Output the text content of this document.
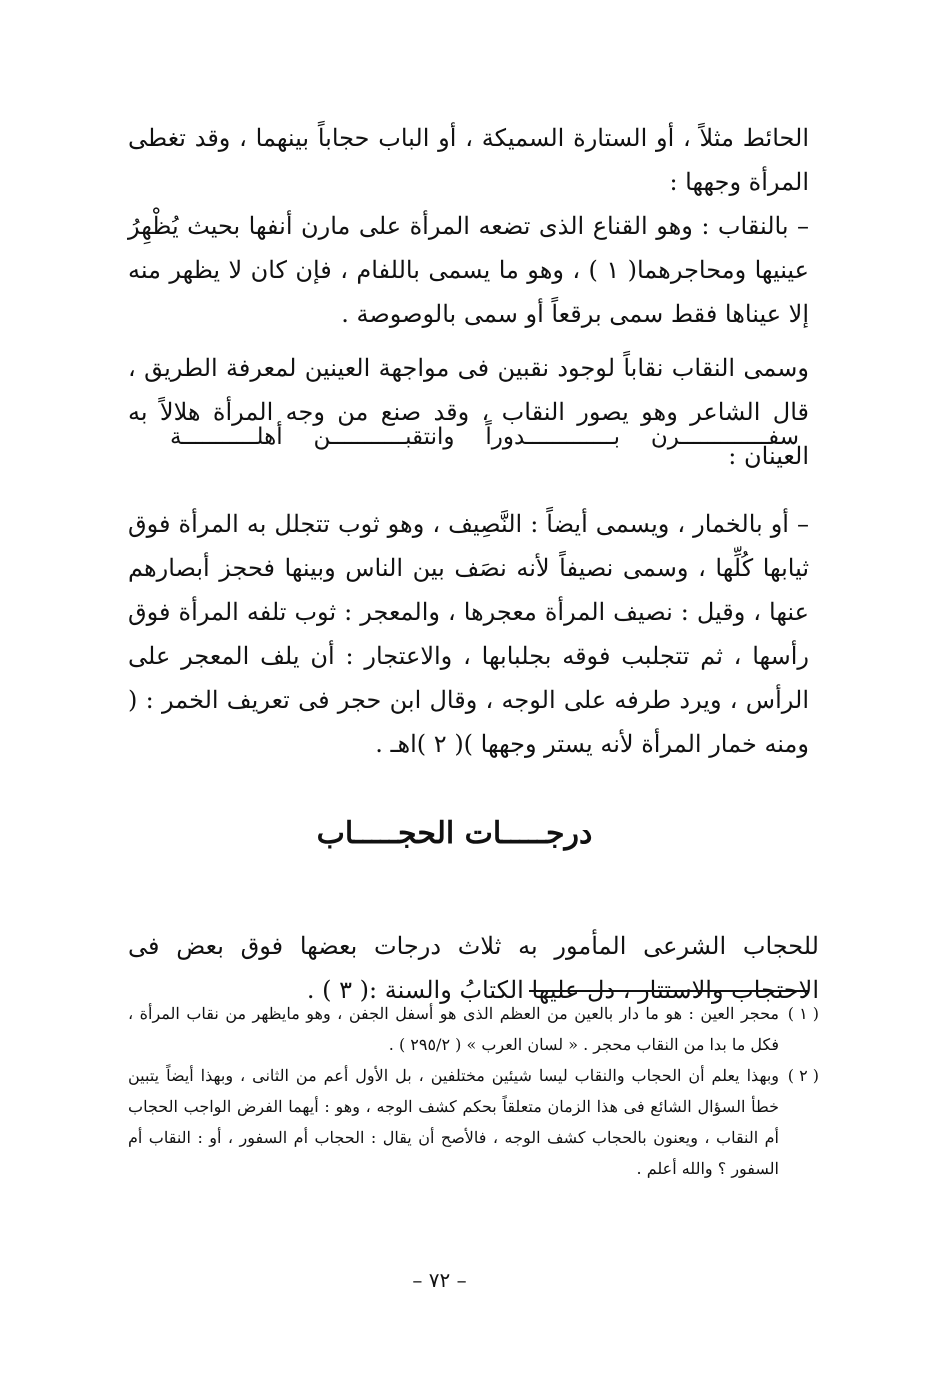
الحائط مثلاً ، أو الستارة السميكة ، أو الباب حجاباً بينهما ، وقد تغطى المرأة وجهها :

– بالنقاب : وهو القناع الذى تضعه المرأة على مارن أنفها بحيث يُظْهِرُ عينيها ومحاجرهما( ١ ) ، وهو ما يسمى باللفام ، فإن كان لا يظهر منه إلا عيناها فقط سمى برقعاً أو سمى بالوصوصة .

وسمى النقاب نقاباً لوجود نقبين فى مواجهة العينين لمعرفة الطريق ، قال الشاعر وهو يصور النقاب ، وقد صنع من وجه المرأة هلالاً به العينان :

سفـــــــــــــرن
بـــــــــــــدوراً
وانتقبـــــــــــن
أهلـــــــــــة

– أو بالخمار ، ويسمى أيضاً : النَّصِيف ، وهو ثوب تتجلل به المرأة فوق ثيابها كُلِّها ، وسمى نصيفاً لأنه نصَف بين الناس وبينها فحجز أبصارهم عنها ، وقيل : نصيف المرأة معجرها ، والمعجر : ثوب تلفه المرأة فوق رأسها ، ثم تتجلبب فوقه بجلبابها ، والاعتجار : أن يلف المعجر على الرأس ، ويرد طرفه على الوجه ، وقال ابن حجر فى تعريف الخمر : ( ومنه خمار المرأة لأنه يستر وجهها )( ٢ )اهـ .

درجـــــات الحجـــــاب

للحجاب الشرعى المأمور به ثلاث درجات بعضها فوق بعض فى الاحتجاب والاستتار ، دل عليها الكتابُ والسنة :( ٣ ) .

( ١ )
محجر العين : هو ما دار بالعين من العظم الذى هو أسفل الجفن ، وهو مايظهر من نقاب المرأة ، فكل ما بدا من النقاب محجر . « لسان العرب » ( ٢٩٥/٢ ) .
( ٢ )
وبهذا يعلم أن الحجاب والنقاب ليسا شيئين مختلفين ، بل الأول أعم من الثانى ، وبهذا أيضاً يتبين خطأ السؤال الشائع فى هذا الزمان متعلقاً بحكم كشف الوجه ، وهو : أيهما الفرض الواجب الحجاب أم النقاب ، ويعنون بالحجاب كشف الوجه ، فالأصح أن يقال : الحجاب أم السفور ، أو : النقاب أم السفور ؟ والله أعلم .
– ٧٢ –
